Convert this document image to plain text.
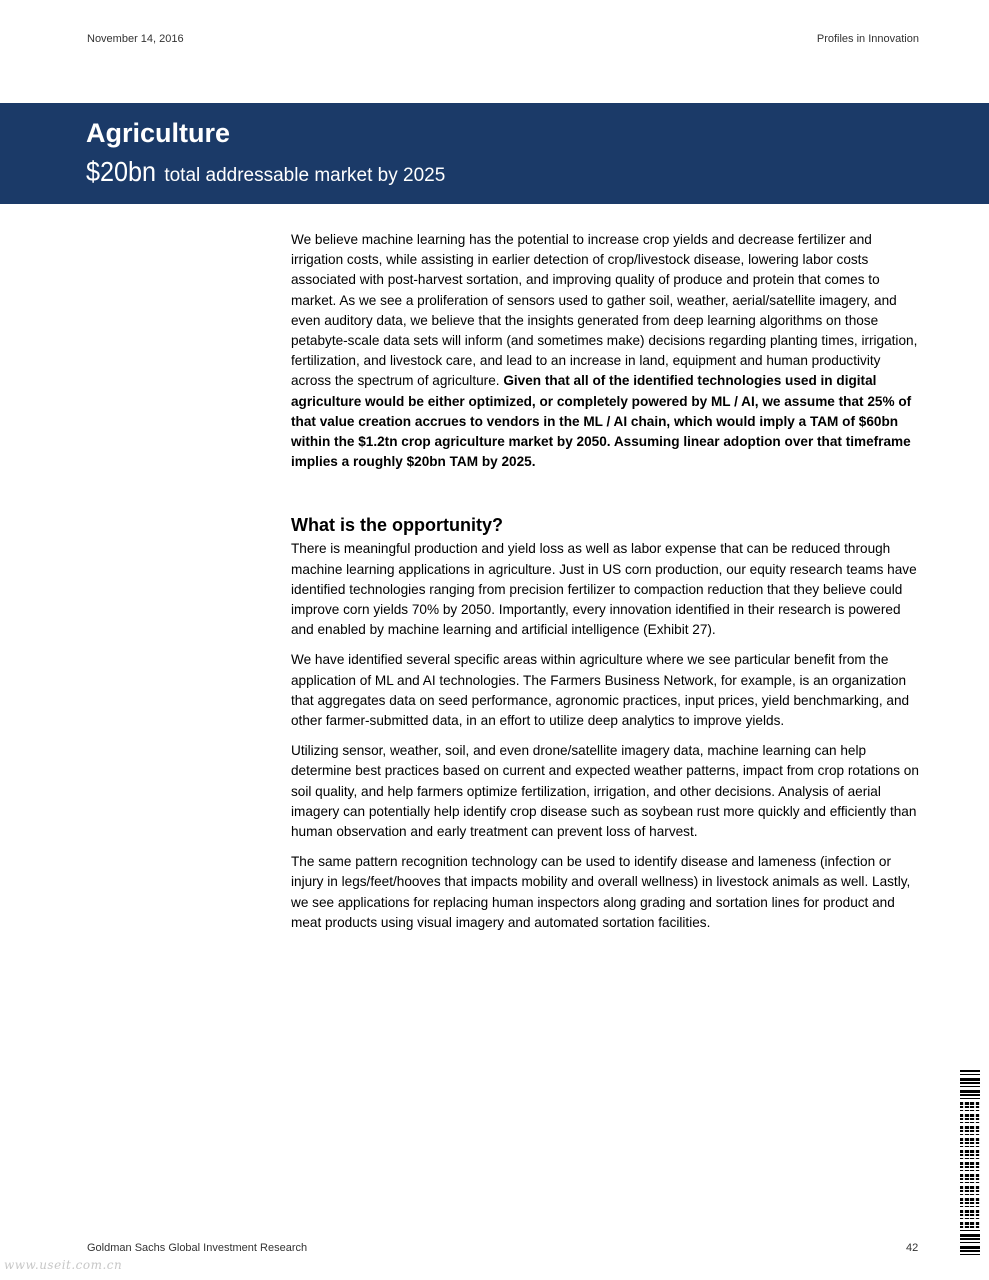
November 14, 2016	Profiles in Innovation
Agriculture
$20bn total addressable market by 2025

We believe machine learning has the potential to increase crop yields and decrease fertilizer and irrigation costs, while assisting in earlier detection of crop/livestock disease, lowering labor costs associated with post-harvest sortation, and improving quality of produce and protein that comes to market. As we see a proliferation of sensors used to gather soil, weather, aerial/satellite imagery, and even auditory data, we believe that the insights generated from deep learning algorithms on those petabyte-scale data sets will inform (and sometimes make) decisions regarding planting times, irrigation, fertilization, and livestock care, and lead to an increase in land, equipment and human productivity across the spectrum of agriculture. Given that all of the identified technologies used in digital agriculture would be either optimized, or completely powered by ML / AI, we assume that 25% of that value creation accrues to vendors in the ML / AI chain, which would imply a TAM of $60bn within the $1.2tn crop agriculture market by 2050. Assuming linear adoption over that timeframe implies a roughly $20bn TAM by 2025.

What is the opportunity?

There is meaningful production and yield loss as well as labor expense that can be reduced through machine learning applications in agriculture. Just in US corn production, our equity research teams have identified technologies ranging from precision fertilizer to compaction reduction that they believe could improve corn yields 70% by 2050. Importantly, every innovation identified in their research is powered and enabled by machine learning and artificial intelligence (Exhibit 27).

We have identified several specific areas within agriculture where we see particular benefit from the application of ML and AI technologies. The Farmers Business Network, for example, is an organization that aggregates data on seed performance, agronomic practices, input prices, yield benchmarking, and other farmer-submitted data, in an effort to utilize deep analytics to improve yields.

Utilizing sensor, weather, soil, and even drone/satellite imagery data, machine learning can help determine best practices based on current and expected weather patterns, impact from crop rotations on soil quality, and help farmers optimize fertilization, irrigation, and other decisions. Analysis of aerial imagery can potentially help identify crop disease such as soybean rust more quickly and efficiently than human observation and early treatment can prevent loss of harvest.

The same pattern recognition technology can be used to identify disease and lameness (infection or injury in legs/feet/hooves that impacts mobility and overall wellness) in livestock animals as well. Lastly, we see applications for replacing human inspectors along grading and sortation lines for product and meat products using visual imagery and automated sortation facilities.

Goldman Sachs Global Investment Research	42
www.useit.com.cn
